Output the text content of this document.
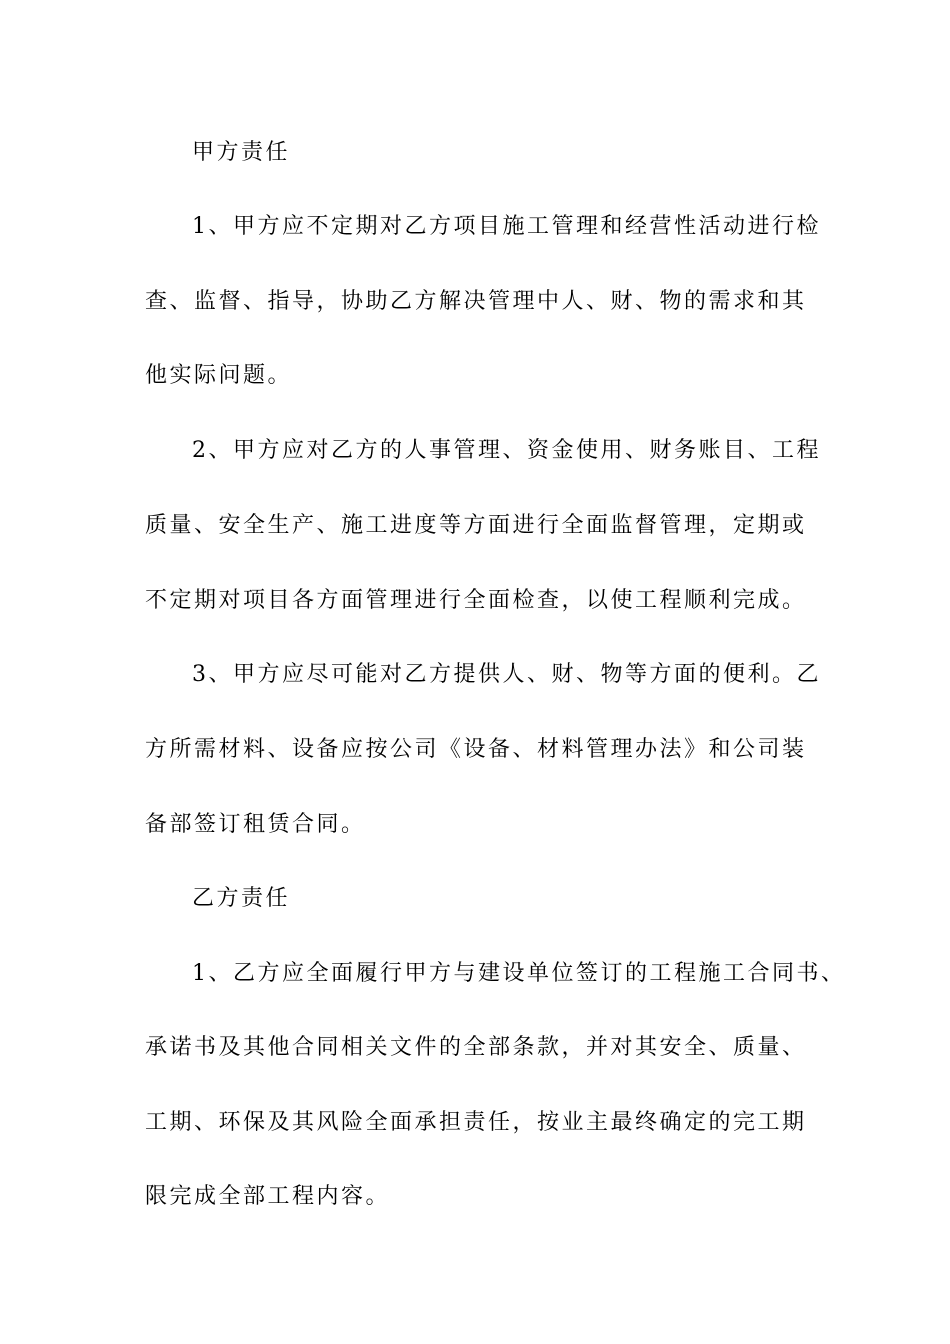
甲方责任
1、甲方应不定期对乙方项目施工管理和经营性活动进行检
查、监督、指导，协助乙方解决管理中人、财、物的需求和其
他实际问题。
2、甲方应对乙方的人事管理、资金使用、财务账目、工程
质量、安全生产、施工进度等方面进行全面监督管理，定期或
不定期对项目各方面管理进行全面检查，以使工程顺利完成。
3、甲方应尽可能对乙方提供人、财、物等方面的便利。乙
方所需材料、设备应按公司《设备、材料管理办法》和公司装
备部签订租赁合同。
乙方责任
1、乙方应全面履行甲方与建设单位签订的工程施工合同书、
承诺书及其他合同相关文件的全部条款，并对其安全、质量、
工期、环保及其风险全面承担责任，按业主最终确定的完工期
限完成全部工程内容。
